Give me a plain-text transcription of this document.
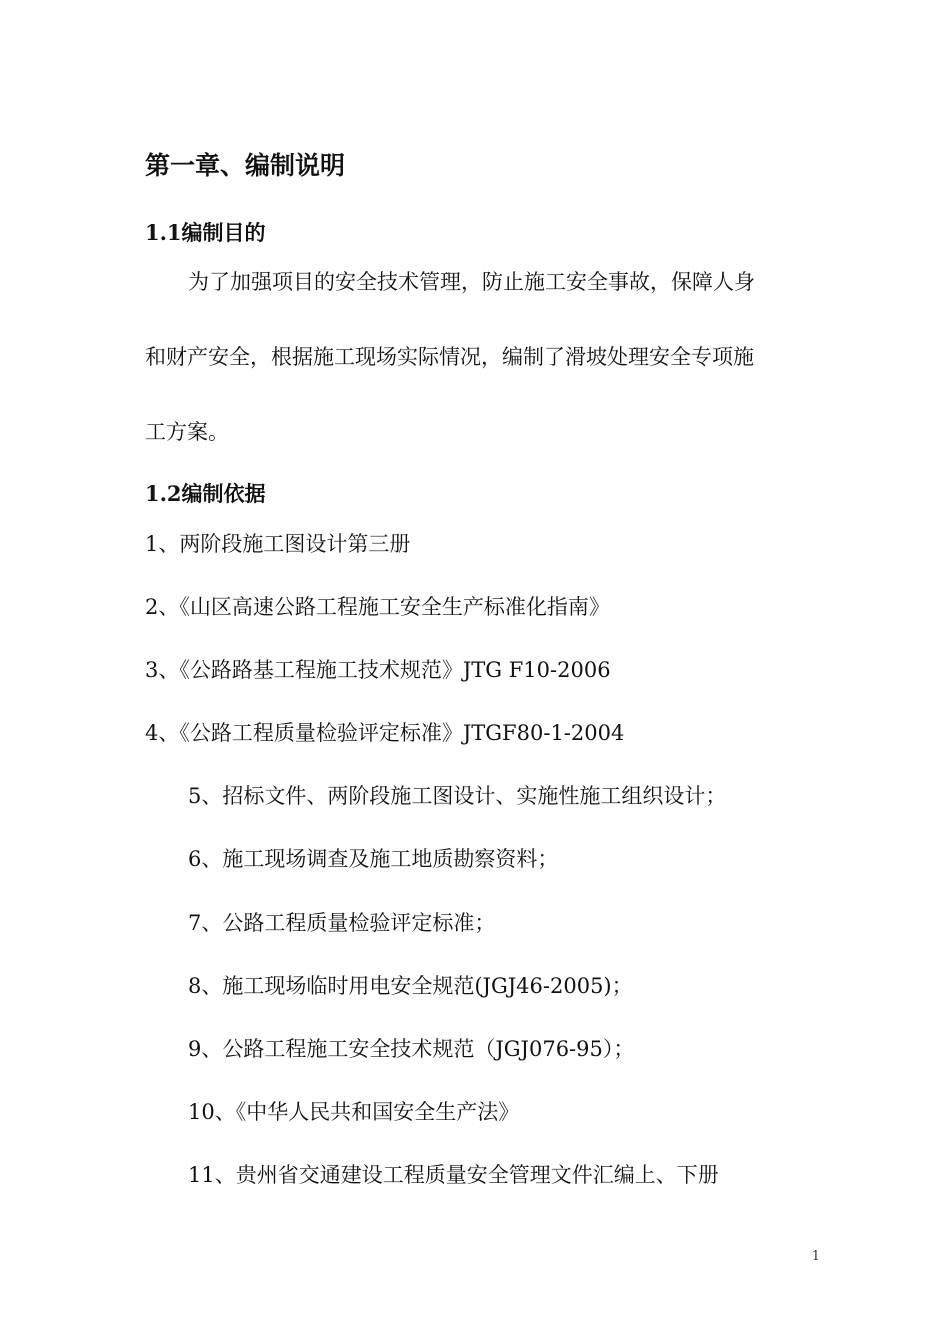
第一章、编制说明
1.1编制目的
为了加强项目的安全技术管理，防止施工安全事故，保障人身
和财产安全，根据施工现场实际情况，编制了滑坡处理安全专项施
工方案。
1.2编制依据
1、两阶段施工图设计第三册
2、《山区高速公路工程施工安全生产标准化指南》
3、《公路路基工程施工技术规范》JTG F10-2006
4、《公路工程质量检验评定标准》JTGF80-1-2004
5、招标文件、两阶段施工图设计、实施性施工组织设计；
6、施工现场调查及施工地质勘察资料；
7、公路工程质量检验评定标准；
8、施工现场临时用电安全规范(JGJ46-2005)；
9、公路工程施工安全技术规范（JGJ076-95）；
10、《中华人民共和国安全生产法》
11、贵州省交通建设工程质量安全管理文件汇编上、下册
1
